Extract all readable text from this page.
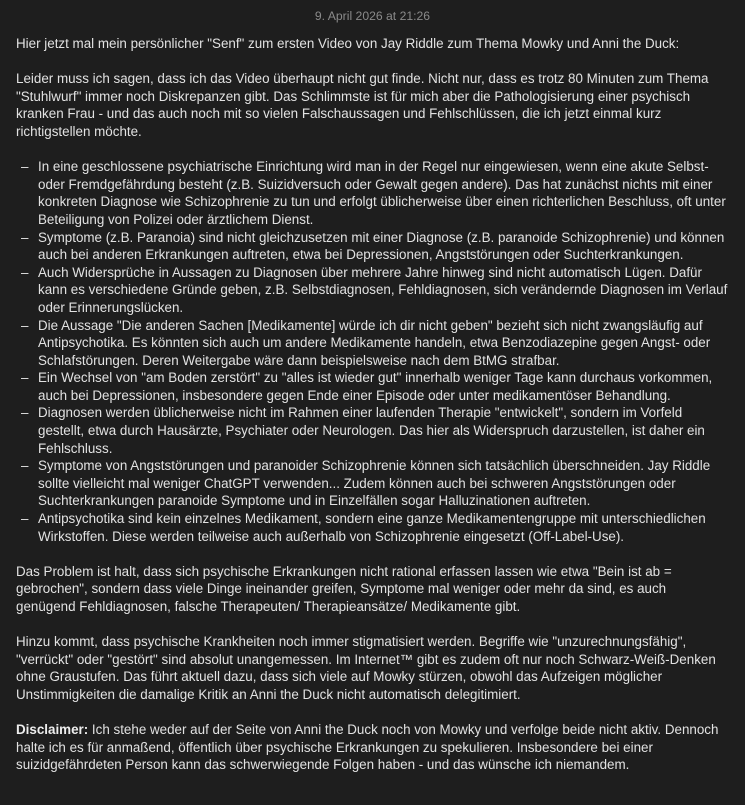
9. April 2026 at 21:26

Hier jetzt mal mein persönlicher "Senf" zum ersten Video von Jay Riddle zum Thema Mowky und Anni the Duck:

Leider muss ich sagen, dass ich das Video überhaupt nicht gut finde. Nicht nur, dass es trotz 80 Minuten zum Thema "Stuhlwurf" immer noch Diskrepanzen gibt. Das Schlimmste ist für mich aber die Pathologisierung einer psychisch kranken Frau - und das auch noch mit so vielen Falschaussagen und Fehlschlüssen, die ich jetzt einmal kurz richtigstellen möchte.

– In eine geschlossene psychiatrische Einrichtung wird man in der Regel nur eingewiesen, wenn eine akute Selbst- oder Fremdgefährdung besteht (z.B. Suizidversuch oder Gewalt gegen andere). Das hat zunächst nichts mit einer konkreten Diagnose wie Schizophrenie zu tun und erfolgt üblicherweise über einen richterlichen Beschluss, oft unter Beteiligung von Polizei oder ärztlichem Dienst.
– Symptome (z.B. Paranoia) sind nicht gleichzusetzen mit einer Diagnose (z.B. paranoide Schizophrenie) und können auch bei anderen Erkrankungen auftreten, etwa bei Depressionen, Angststörungen oder Suchterkrankungen.
– Auch Widersprüche in Aussagen zu Diagnosen über mehrere Jahre hinweg sind nicht automatisch Lügen. Dafür kann es verschiedene Gründe geben, z.B. Selbstdiagnosen, Fehldiagnosen, sich verändernde Diagnosen im Verlauf oder Erinnerungslücken.
– Die Aussage "Die anderen Sachen [Medikamente] würde ich dir nicht geben" bezieht sich nicht zwangsläufig auf Antipsychotika. Es könnten sich auch um andere Medikamente handeln, etwa Benzodiazepine gegen Angst- oder Schlafstörungen. Deren Weitergabe wäre dann beispielsweise nach dem BtMG strafbar.
– Ein Wechsel von "am Boden zerstört" zu "alles ist wieder gut" innerhalb weniger Tage kann durchaus vorkommen, auch bei Depressionen, insbesondere gegen Ende einer Episode oder unter medikamentöser Behandlung.
– Diagnosen werden üblicherweise nicht im Rahmen einer laufenden Therapie "entwickelt", sondern im Vorfeld gestellt, etwa durch Hausärzte, Psychiater oder Neurologen. Das hier als Widerspruch darzustellen, ist daher ein Fehlschluss.
– Symptome von Angststörungen und paranoider Schizophrenie können sich tatsächlich überschneiden. Jay Riddle sollte vielleicht mal weniger ChatGPT verwenden... Zudem können auch bei schweren Angststörungen oder Suchterkrankungen paranoide Symptome und in Einzelfällen sogar Halluzinationen auftreten.
– Antipsychotika sind kein einzelnes Medikament, sondern eine ganze Medikamentengruppe mit unterschiedlichen Wirkstoffen. Diese werden teilweise auch außerhalb von Schizophrenie eingesetzt (Off-Label-Use).

Das Problem ist halt, dass sich psychische Erkrankungen nicht rational erfassen lassen wie etwa "Bein ist ab = gebrochen", sondern dass viele Dinge ineinander greifen, Symptome mal weniger oder mehr da sind, es auch genügend Fehldiagnosen, falsche Therapeuten/ Therapieansätze/ Medikamente gibt.

Hinzu kommt, dass psychische Krankheiten noch immer stigmatisiert werden. Begriffe wie "unzurechnungsfähig", "verrückt" oder "gestört" sind absolut unangemessen. Im Internet™ gibt es zudem oft nur noch Schwarz-Weiß-Denken ohne Graustufen. Das führt aktuell dazu, dass sich viele auf Mowky stürzen, obwohl das Aufzeigen möglicher Unstimmigkeiten die damalige Kritik an Anni the Duck nicht automatisch delegitimiert.

Disclaimer: Ich stehe weder auf der Seite von Anni the Duck noch von Mowky und verfolge beide nicht aktiv. Dennoch halte ich es für anmaßend, öffentlich über psychische Erkrankungen zu spekulieren. Insbesondere bei einer suizidgefährdeten Person kann das schwerwiegende Folgen haben - und das wünsche ich niemandem.
